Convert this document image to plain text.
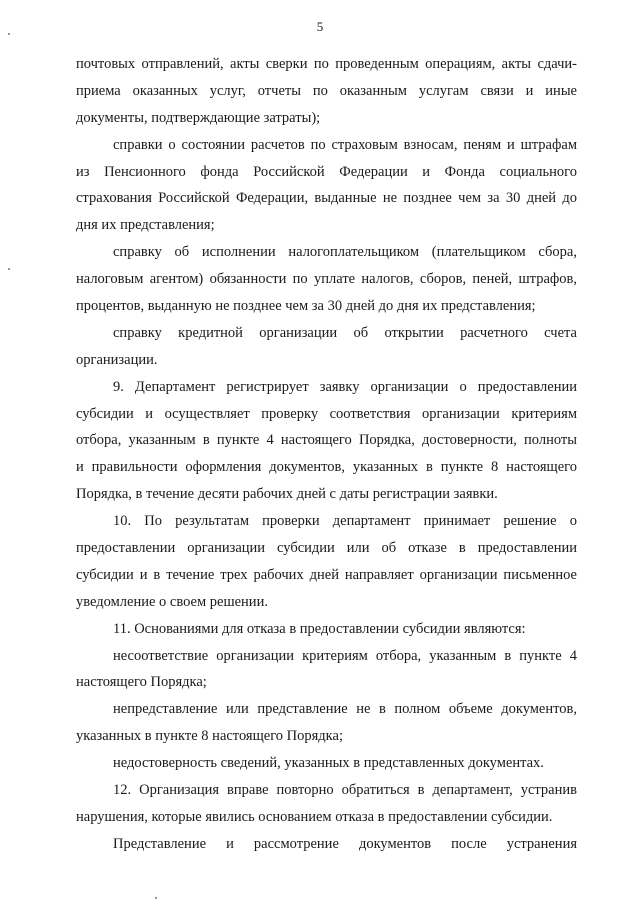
5
почтовых отправлений, акты сверки по проведенным операциям, акты сдачи-
приема оказанных услуг, отчеты по оказанным услугам связи и иные
документы, подтверждающие затраты);
справки о состоянии расчетов по страховым взносам, пеням и штрафам
из Пенсионного фонда Российской Федерации и Фонда социального
страхования Российской Федерации, выданные не позднее чем за 30 дней до
дня их представления;
справку об исполнении налогоплательщиком (плательщиком сбора,
налоговым агентом) обязанности по уплате налогов, сборов, пеней, штрафов,
процентов, выданную не позднее чем за 30 дней до дня их представления;
справку кредитной организации об открытии расчетного счета
организации.
9. Департамент регистрирует заявку организации о предоставлении
субсидии и осуществляет проверку соответствия организации критериям
отбора, указанным в пункте 4 настоящего Порядка, достоверности, полноты
и правильности оформления документов, указанных в пункте 8 настоящего
Порядка, в течение десяти рабочих дней с даты регистрации заявки.
10. По результатам проверки департамент принимает решение о
предоставлении организации субсидии или об отказе в предоставлении
субсидии и в течение трех рабочих дней направляет организации письменное
уведомление о своем решении.
11. Основаниями для отказа в предоставлении субсидии являются:
несоответствие организации критериям отбора, указанным в пункте 4
настоящего Порядка;
непредставление или представление не в полном объеме документов,
указанных в пункте 8 настоящего Порядка;
недостоверность сведений, указанных в представленных документах.
12. Организация вправе повторно обратиться в департамент, устранив
нарушения, которые явились основанием отказа в предоставлении субсидии.
Представление и рассмотрение документов после устранения
